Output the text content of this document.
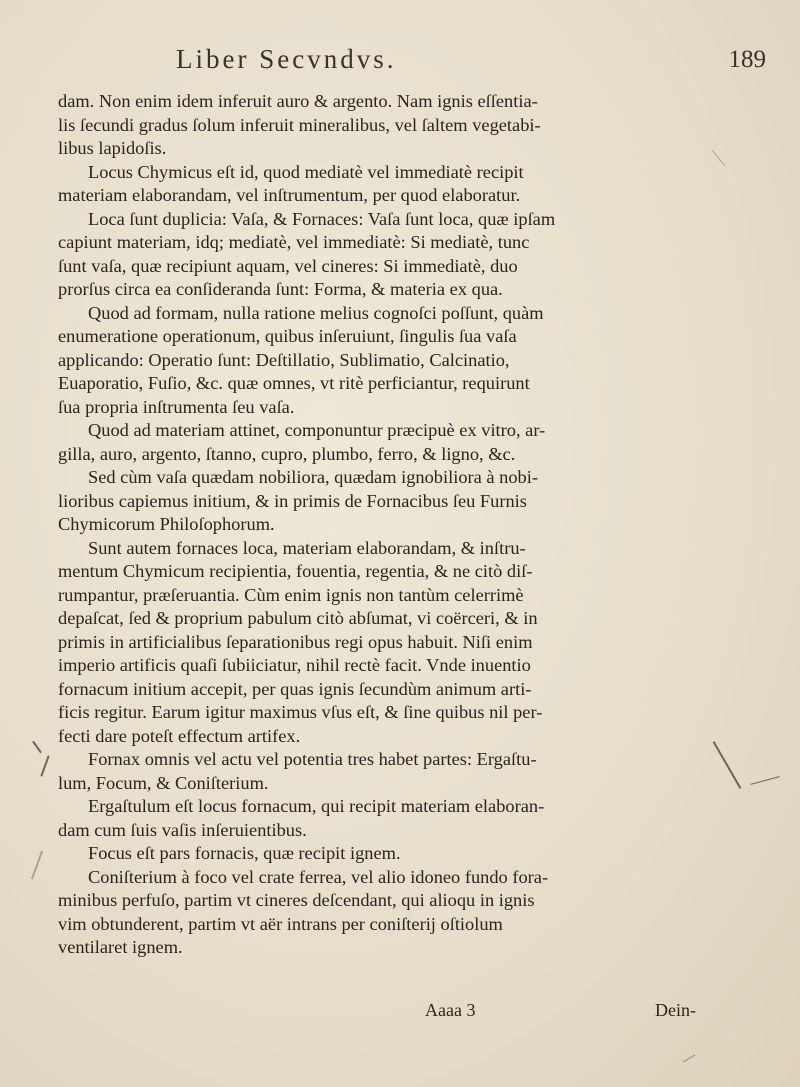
Liber Secvndvs.	189
dam. Non enim idem inferuit auro & argento. Nam ignis eſſentia-
lis ſecundi gradus ſolum inferuit mineralibus, vel ſaltem vegetabi-
libus lapidoſis.
Locus Chymicus eſt id, quod mediatè vel immediatè recipit
materiam elaborandam, vel inſtrumentum, per quod elaboratur.
Loca ſunt duplicia: Vaſa, & Fornaces: Vaſa ſunt loca, quæ ipſam
capiunt materiam, idq; mediatè, vel immediatè: Si mediatè, tunc
ſunt vaſa, quæ recipiunt aquam, vel cineres: Si immediatè, duo
prorſus circa ea conſideranda ſunt: Forma, & materia ex qua.
Quod ad formam, nulla ratione melius cognoſci poſſunt, quàm
enumeratione operationum, quibus inſeruiunt, ſingulis ſua vaſa
applicando: Operatio ſunt: Deſtillatio, Sublimatio, Calcinatio,
Euaporatio, Fuſio, &c. quæ omnes, vt ritè perficiantur, requirunt
ſua propria inſtrumenta ſeu vaſa.
Quod ad materiam attinet, componuntur præcipuè ex vitro, ar-
gilla, auro, argento, ſtanno, cupro, plumbo, ferro, & ligno, &c.
Sed cùm vaſa quædam nobiliora, quædam ignobiliora à nobi-
lioribus capiemus initium, & in primis de Fornacibus ſeu Furnis
Chymicorum Philoſophorum.
Sunt autem fornaces loca, materiam elaborandam, & inſtru-
mentum Chymicum recipientia, fouentia, regentia, & ne citò diſ-
rumpantur, præſeruantia. Cùm enim ignis non tantùm celerrimè
depaſcat, ſed & proprium pabulum citò abſumat, vi coërceri, & in
primis in artificialibus ſeparationibus regi opus habuit. Niſi enim
imperio artificis quaſi ſubiiciatur, nihil rectè facit. Vnde inuentio
fornacum initium accepit, per quas ignis ſecundùm animum arti-
ficis regitur. Earum igitur maximus vſus eſt, & ſine quibus nil per-
fecti dare poteſt effectum artifex.
Fornax omnis vel actu vel potentia tres habet partes: Ergaſtu-
lum, Focum, & Coniſterium.
Ergaſtulum eſt locus fornacum, qui recipit materiam elaboran-
dam cum ſuis vaſis inſeruientibus.
Focus eſt pars fornacis, quæ recipit ignem.
Coniſterium à foco vel crate ferrea, vel alio idoneo fundo fora-
minibus perfuſo, partim vt cineres deſcendant, qui alioqu in ignis
vim obtunderent, partim vt aër intrans per coniſterij oſtiolum
ventilaret ignem.
Aaaa 3	Dein-
